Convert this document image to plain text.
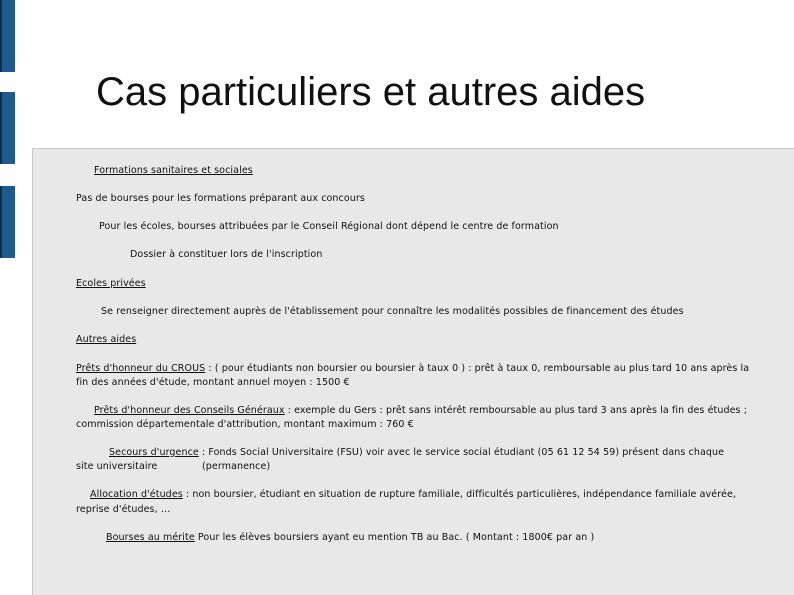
Cas particuliers et autres aides
Formations sanitaires et sociales
Pas de bourses pour les formations préparant aux concours
Pour les écoles, bourses attribuées par le Conseil Régional dont dépend le centre de formation
Dossier à constituer lors de l'inscription
Ecoles privées
Se renseigner directement auprès de l'établissement pour connaître les modalités possibles de financement des études
Autres aides
Prêts d'honneur du CROUS : ( pour étudiants non boursier ou boursier à taux 0 ) : prêt à taux 0, remboursable au plus tard 10 ans après la
fin des années d'étude, montant annuel moyen : 1500 €
Prêts d'honneur des Conseils Généraux : exemple du Gers : prêt sans intérêt remboursable au plus tard 3 ans après la fin des études ;
commission départementale d'attribution, montant maximum : 760 €
Secours d'urgence : Fonds Social Universitaire (FSU) voir avec le service social étudiant (05 61 12 54 59) présent dans chaque
site universitaire	(permanence)
Allocation d'études : non boursier, étudiant en situation de rupture familiale, difficultés particulières, indépendance familiale avérée,
reprise d'études, …
Bourses au mérite Pour les élèves boursiers ayant eu mention TB au Bac. ( Montant : 1800€ par an )
